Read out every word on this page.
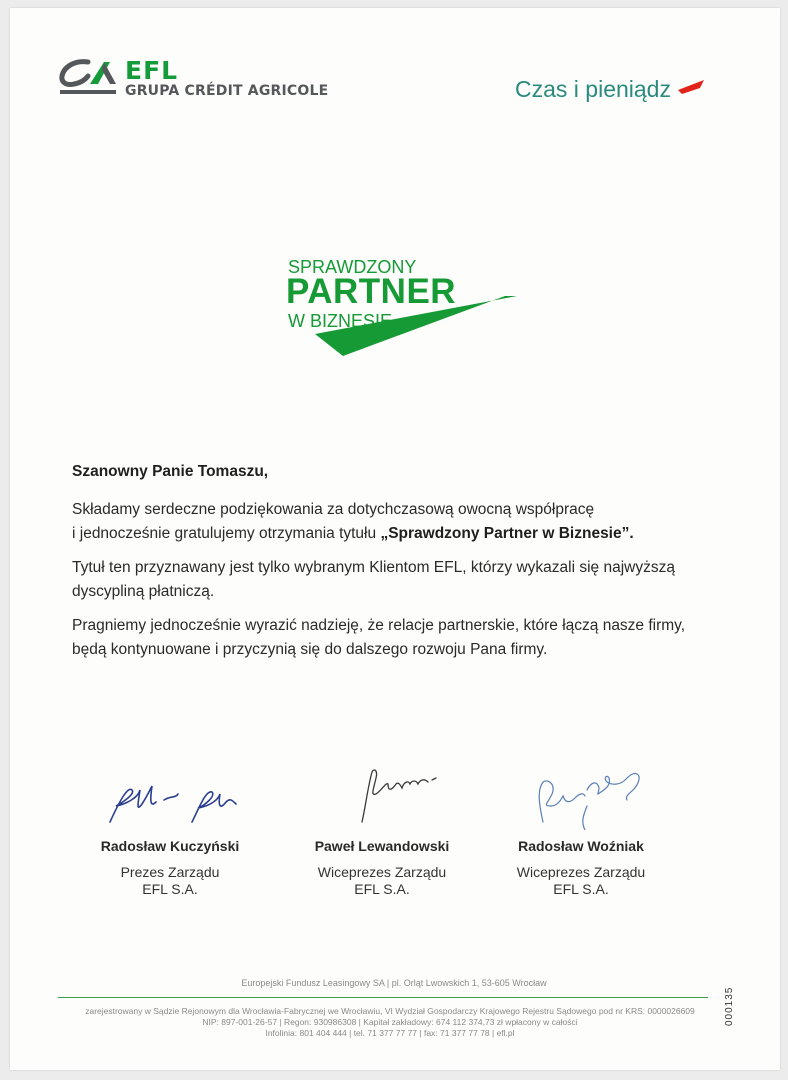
EFL
GRUPA CRÉDIT AGRICOLE	Czas i pieniądz
SPRAWDZONY
PARTNER
W BIZNESIE
Szanowny Panie Tomaszu,
Składamy serdeczne podziękowania za dotychczasową owocną współpracę
i jednocześnie gratulujemy otrzymania tytułu „Sprawdzony Partner w Biznesie”.
Tytuł ten przyznawany jest tylko wybranym Klientom EFL, którzy wykazali się najwyższą
dyscypliną płatniczą.
Pragniemy jednocześnie wyrazić nadzieję, że relacje partnerskie, które łączą nasze firmy,
będą kontynuowane i przyczynią się do dalszego rozwoju Pana firmy.
Radosław Kuczyński
Prezes Zarządu
EFL S.A.
Paweł Lewandowski
Wiceprezes Zarządu
EFL S.A.
Radosław Woźniak
Wiceprezes Zarządu
EFL S.A.
Europejski Fundusz Leasingowy SA | pl. Orląt Lwowskich 1, 53-605 Wrocław
zarejestrowany w Sądzie Rejonowym dla Wrocławia-Fabrycznej we Wrocławiu, VI Wydział Gospodarczy Krajowego Rejestru Sądowego pod nr KRS: 0000026609
NIP: 897-001-26-57 | Regon: 930986308 | Kapitał zakładowy: 674 112 374,73 zł wpłacony w całości
Infolinia: 801 404 444 | tel. 71 377 77 77 | fax: 71 377 77 78 | efl.pl
000135
